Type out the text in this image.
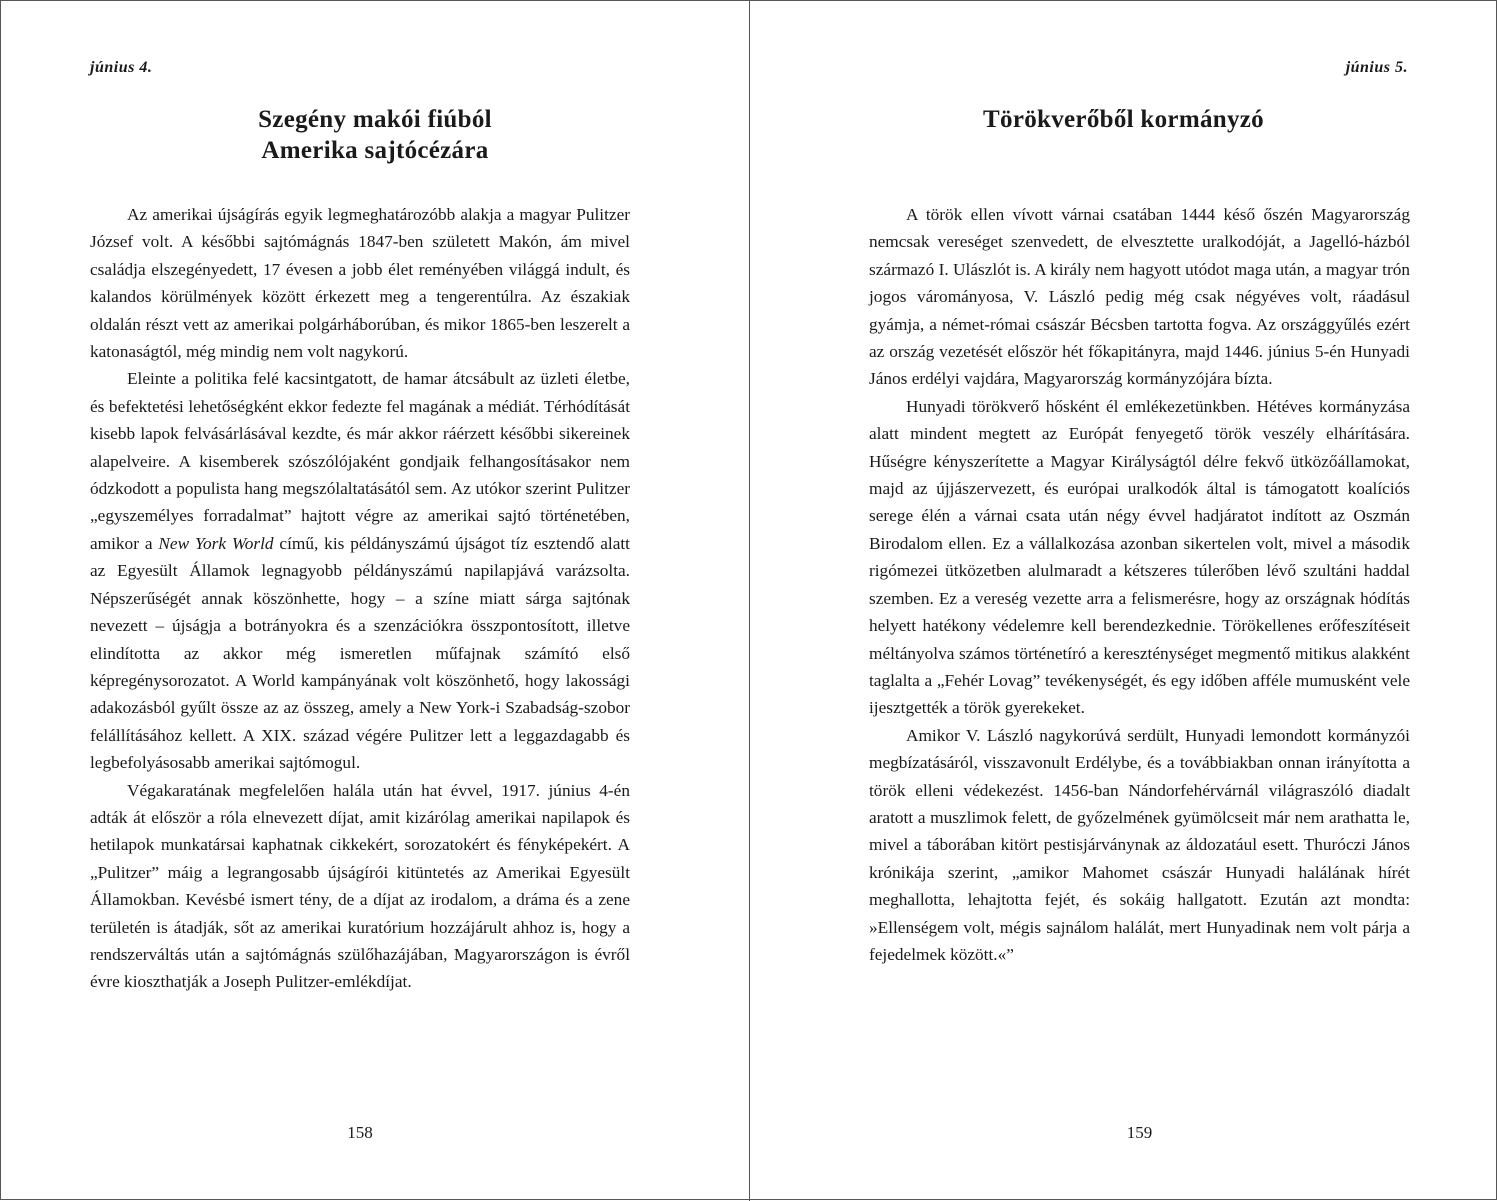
június 4.
Szegény makói fiúból
Amerika sajtócézára

Az amerikai újságírás egyik legmeghatározóbb alakja a magyar Pulitzer József volt. A későbbi sajtómágnás 1847-ben született Makón, ám mivel családja elszegényedett, 17 évesen a jobb élet reményében világgá indult, és kalandos körülmények között érkezett meg a tengerentúlra. Az északiak oldalán részt vett az amerikai polgárháborúban, és mikor 1865-ben leszerelt a katonaságtól, még mindig nem volt nagykorú.

Eleinte a politika felé kacsintgatott, de hamar átcsábult az üzleti életbe, és befektetési lehetőségként ekkor fedezte fel magának a médiát. Térhódítását kisebb lapok felvásárlásával kezdte, és már akkor ráérzett későbbi sikereinek alapelveire. A kisemberek szószólójaként gondjaik felhangosításakor nem ódzkodott a populista hang megszólaltatásától sem. Az utókor szerint Pulitzer „egyszemélyes forradalmat” hajtott végre az amerikai sajtó történetében, amikor a New York World című, kis példányszámú újságot tíz esztendő alatt az Egyesült Államok legnagyobb példányszámú napilapjává varázsolta. Népszerűségét annak köszönhette, hogy – a színe miatt sárga sajtónak nevezett – újságja a botrányokra és a szenzációkra összpontosított, illetve elindította az akkor még ismeretlen műfajnak számító első képregénysorozatot. A World kampányának volt köszönhető, hogy lakossági adakozásból gyűlt össze az az összeg, amely a New York-i Szabadság-szobor felállításához kellett. A XIX. század végére Pulitzer lett a leggazdagabb és legbefolyásosabb amerikai sajtómogul.

Végakaratának megfelelően halála után hat évvel, 1917. június 4-én adták át először a róla elnevezett díjat, amit kizárólag amerikai napilapok és hetilapok munkatársai kaphatnak cikkekért, sorozatokért és fényképekért. A „Pulitzer” máig a legrangosabb újságírói kitüntetés az Amerikai Egyesült Államokban. Kevésbé ismert tény, de a díjat az irodalom, a dráma és a zene területén is átadják, sőt az amerikai kuratórium hozzájárult ahhoz is, hogy a rendszerváltás után a sajtómágnás szülőhazájában, Magyarországon is évről évre kioszthatják a Joseph Pulitzer-emlékdíjat.

158
június 5.
Törökverőből kormányzó

A török ellen vívott várnai csatában 1444 késő őszén Magyarország nemcsak vereséget szenvedett, de elvesztette uralkodóját, a Jagelló-házból származó I. Ulászlót is. A király nem hagyott utódot maga után, a magyar trón jogos várományosa, V. László pedig még csak négyéves volt, ráadásul gyámja, a német-római császár Bécsben tartotta fogva. Az országgyűlés ezért az ország vezetését először hét főkapitányra, majd 1446. június 5-én Hunyadi János erdélyi vajdára, Magyarország kormányzójára bízta.

Hunyadi törökverő hősként él emlékezetünkben. Hétéves kormányzása alatt mindent megtett az Európát fenyegető török veszély elhárítására. Hűségre kényszerítette a Magyar Királyságtól délre fekvő ütközőállamokat, majd az újjászervezett, és európai uralkodók által is támogatott koalíciós serege élén a várnai csata után négy évvel hadjáratot indított az Oszmán Birodalom ellen. Ez a vállalkozása azonban sikertelen volt, mivel a második rigómezei ütközetben alulmaradt a kétszeres túlerőben lévő szultáni haddal szemben. Ez a vereség vezette arra a felismerésre, hogy az országnak hódítás helyett hatékony védelemre kell berendezkednie. Törökellenes erőfeszítéseit méltányolva számos történetíró a kereszténységet megmentő mitikus alakként taglalta a „Fehér Lovag” tevékenységét, és egy időben afféle mumusként vele ijesztgették a török gyerekeket.

Amikor V. László nagykorúvá serdült, Hunyadi lemondott kormányzói megbízatásáról, visszavonult Erdélybe, és a továbbiakban onnan irányította a török elleni védekezést. 1456-ban Nándorfehérvárnál világraszóló diadalt aratott a muszlimok felett, de győzelmének gyümölcseit már nem arathatta le, mivel a táborában kitört pestisjárványnak az áldozatául esett. Thuróczi János krónikája szerint, „amikor Mahomet császár Hunyadi halálának hírét meghallotta, lehajtotta fejét, és sokáig hallgatott. Ezután azt mondta: »Ellenségem volt, mégis sajnálom halálát, mert Hunyadinak nem volt párja a fejedelmek között.«”

159
